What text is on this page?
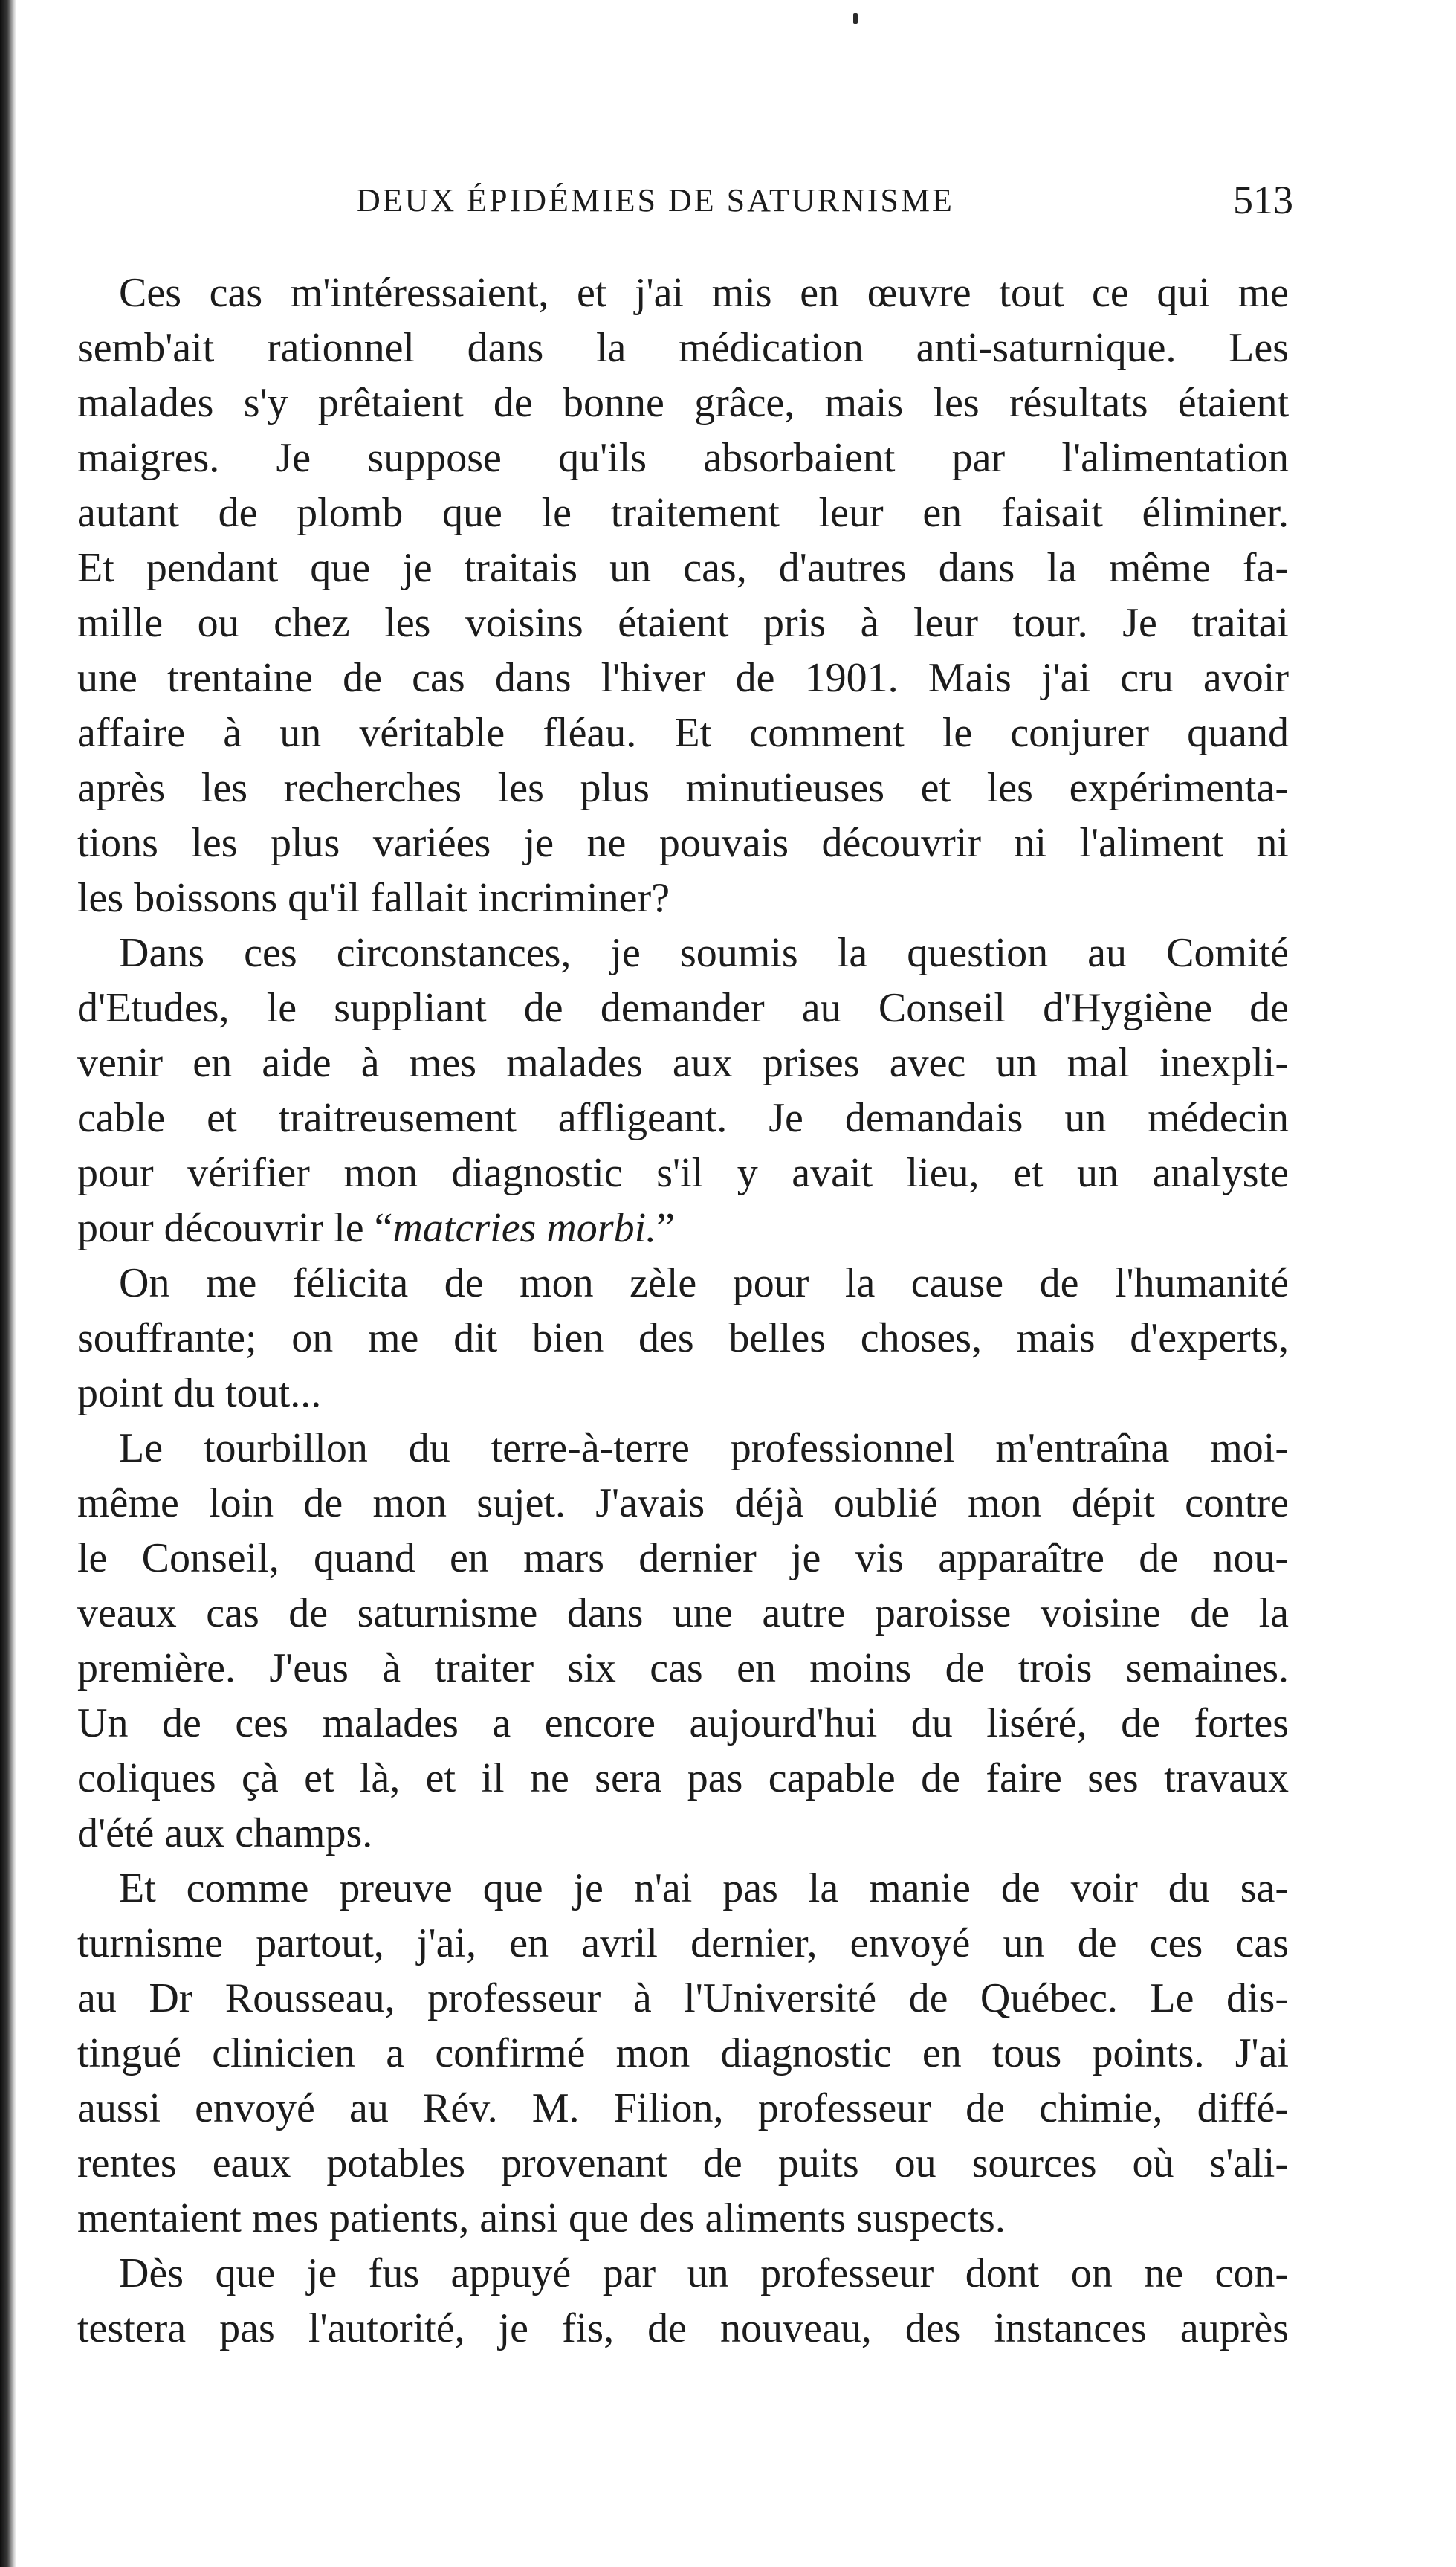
DEUX ÉPIDÉMIES DE SATURNISME	513
Ces cas m'intéressaient, et j'ai mis en œuvre tout ce qui me
semb'ait rationnel dans la médication anti-saturnique. Les
malades s'y prêtaient de bonne grâce, mais les résultats étaient
maigres. Je suppose qu'ils absorbaient par l'alimentation
autant de plomb que le traitement leur en faisait éliminer.
Et pendant que je traitais un cas, d'autres dans la même fa-
mille ou chez les voisins étaient pris à leur tour. Je traitai
une trentaine de cas dans l'hiver de 1901. Mais j'ai cru avoir
affaire à un véritable fléau. Et comment le conjurer quand
après les recherches les plus minutieuses et les expérimenta-
tions les plus variées je ne pouvais découvrir ni l'aliment ni
les boissons qu'il fallait incriminer?
Dans ces circonstances, je soumis la question au Comité
d'Etudes, le suppliant de demander au Conseil d'Hygiène de
venir en aide à mes malades aux prises avec un mal inexpli-
cable et traitreusement affligeant. Je demandais un médecin
pour vérifier mon diagnostic s'il y avait lieu, et un analyste
pour découvrir le “matcries morbi.”
On me félicita de mon zèle pour la cause de l'humanité
souffrante; on me dit bien des belles choses, mais d'experts,
point du tout...
Le tourbillon du terre-à-terre professionnel m'entraîna moi-
même loin de mon sujet. J'avais déjà oublié mon dépit contre
le Conseil, quand en mars dernier je vis apparaître de nou-
veaux cas de saturnisme dans une autre paroisse voisine de la
première. J'eus à traiter six cas en moins de trois semaines.
Un de ces malades a encore aujourd'hui du liséré, de fortes
coliques çà et là, et il ne sera pas capable de faire ses travaux
d'été aux champs.
Et comme preuve que je n'ai pas la manie de voir du sa-
turnisme partout, j'ai, en avril dernier, envoyé un de ces cas
au Dr Rousseau, professeur à l'Université de Québec. Le dis-
tingué clinicien a confirmé mon diagnostic en tous points. J'ai
aussi envoyé au Rév. M. Filion, professeur de chimie, diffé-
rentes eaux potables provenant de puits ou sources où s'ali-
mentaient mes patients, ainsi que des aliments suspects.
Dès que je fus appuyé par un professeur dont on ne con-
testera pas l'autorité, je fis, de nouveau, des instances auprès
